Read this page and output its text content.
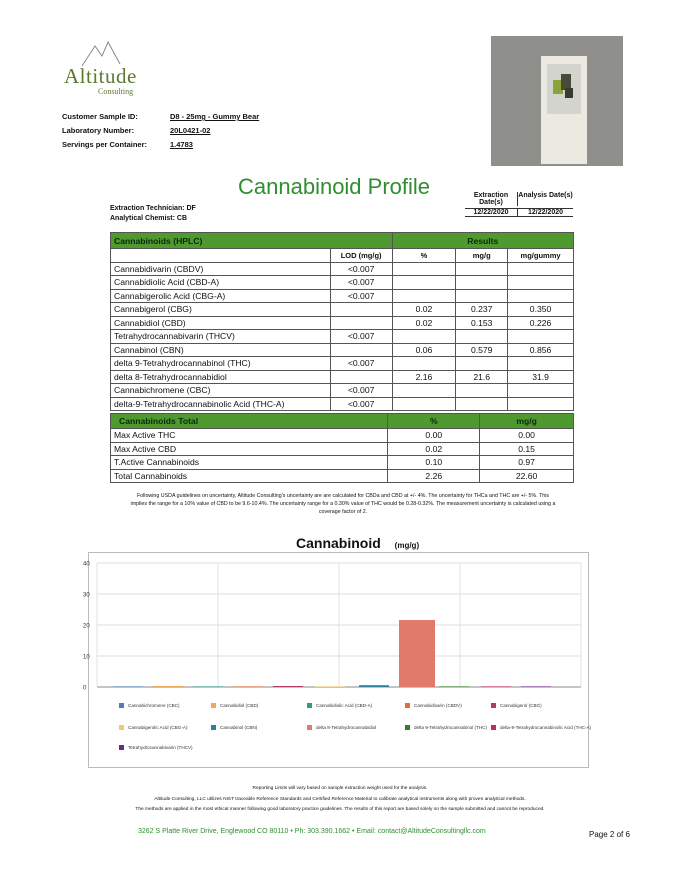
Altitude
Consulting
Customer Sample ID:	D8 - 25mg - Gummy Bear
Laboratory Number:	20L0421-02
Servings per Container:	1.4783
Cannabinoid Profile
Extraction Technician: DF
Analytical Chemist: CB
Extraction Date(s)
Analysis Date(s)
12/22/2020	12/22/2020
Cannabinoids (HPLC)		Results		
	LOD (mg/g)	%	mg/g	mg/gummy
Cannabidivarin (CBDV)	<0.007			
Cannabidiolic Acid (CBD-A)	<0.007			
Cannabigerolic Acid (CBG-A)	<0.007			
Cannabigerol (CBG)		0.02	0.237	0.350
Cannabidiol (CBD)		0.02	0.153	0.226
Tetrahydrocannabivarin (THCV)	<0.007			
Cannabinol (CBN)		0.06	0.579	0.856
delta 9-Tetrahydrocannabinol (THC)	<0.007			
delta 8-Tetrahydrocannabidiol		2.16	21.6	31.9
Cannabichromene (CBC)	<0.007			
delta-9-Tetrahydrocannabinolic Acid (THC-A)	<0.007			
Cannabinoids Total	%	mg/g
Max Active THC	0.00	0.00
Max Active CBD	0.02	0.15
T.Active Cannabinoids	0.10	0.97
Total Cannabinoids	2.26	22.60
Following USDA guidelines on uncertainty, Altitude Consulting's uncertainty are are calculated for CBDa and CBD at +/- 4%. The uncertainty for THCa and THC are +/- 5%. This implies the range for a 10% value of CBD to be 9.6-10.4%. The uncertainty range for a 0.30% value of THC would be 0.28-0.32%. The measurement uncertainty is calculated using a coverage factor of 2.
Cannabinoid (mg/g)
0
10
20
30
40
Cannabichromene (CBC)	Cannabidiol (CBD)	Cannabidiolic Acid (CBD-A)	Cannabidivarin (CBDV)	Cannabigerol (CBG)
Cannabigerolic Acid (CBG-A)	Cannabinol (CBN)	delta 8-Tetrahydrocannabidiol	delta 9-Tetrahydrocannabinol (THC)	delta-9-Tetrahydrocannabinolic Acid (THC-A)
Tetrahydrocannabivarin (THCV)
Reporting Limits will vary based on sample extraction weight used for the analysis.
Altitude Consulting, LLC utilizes NIST traceable Reference Standards and Certified Reference Material to calibrate analytical instruments along with proven analytical methods.
The methods are applied in the most ethical manner following good laboratory practice guidelines. The results of this report are based solely on the sample submitted and cannot be reproduced.
3262 S Platte River Drive, Englewood CO 80110 • Ph: 303.390.1662 • Email: contact@AltitudeConsultingllc.com	Page 2 of 6
